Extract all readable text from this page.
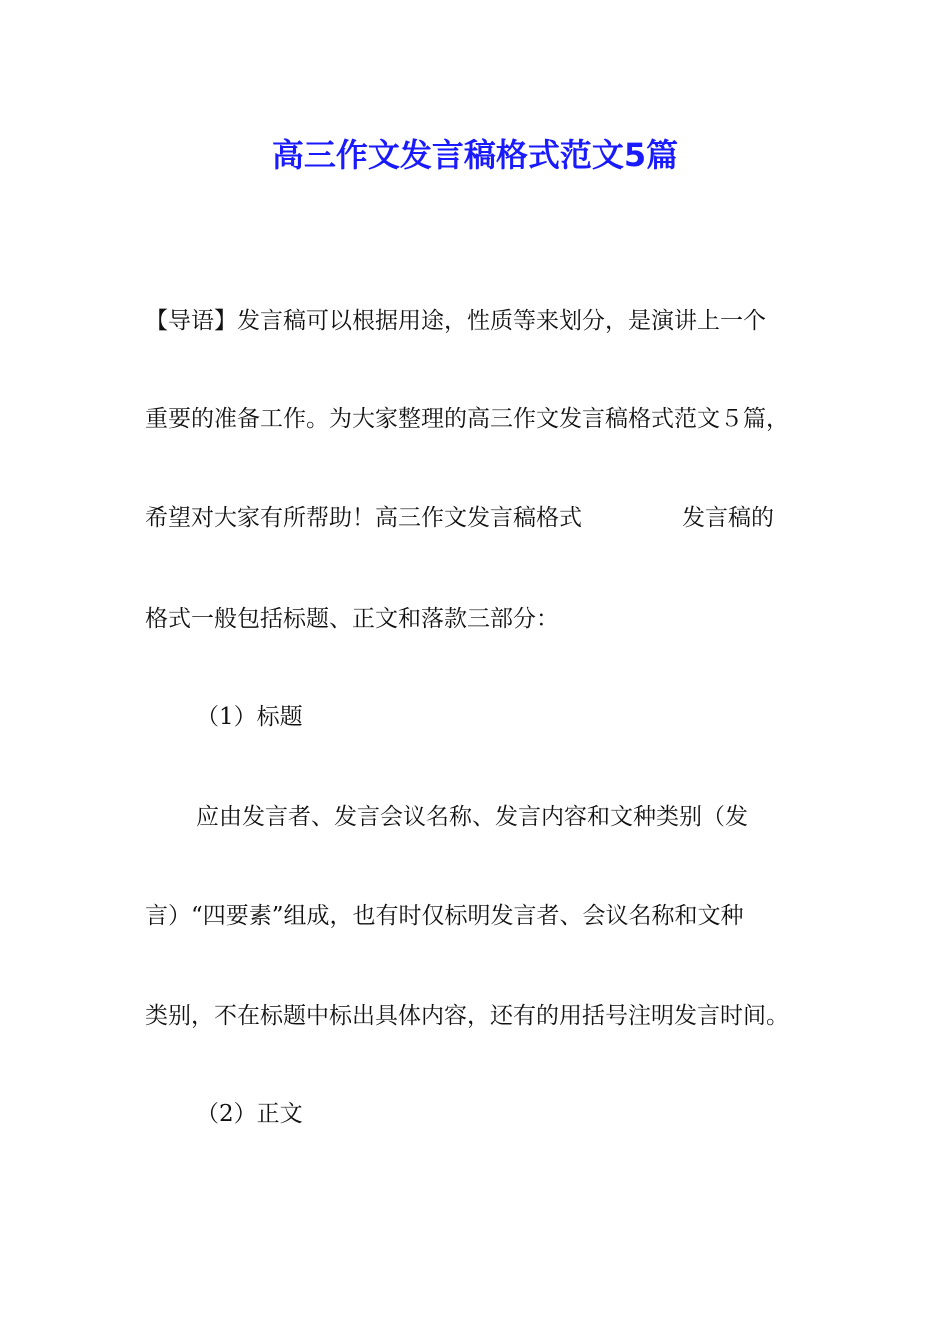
高三作文发言稿格式范文5篇

【导语】发言稿可以根据用途，性质等来划分，是演讲上一个

重要的准备工作。为大家整理的高三作文发言稿格式范文５篇，

希望对大家有所帮助！高三作文发言稿格式	发言稿的

格式一般包括标题、正文和落款三部分：

（1）标题

应由发言者、发言会议名称、发言内容和文种类别（发

言）“四要素”组成，也有时仅标明发言者、会议名称和文种

类别，不在标题中标出具体内容，还有的用括号注明发言时间。

（2）正文
